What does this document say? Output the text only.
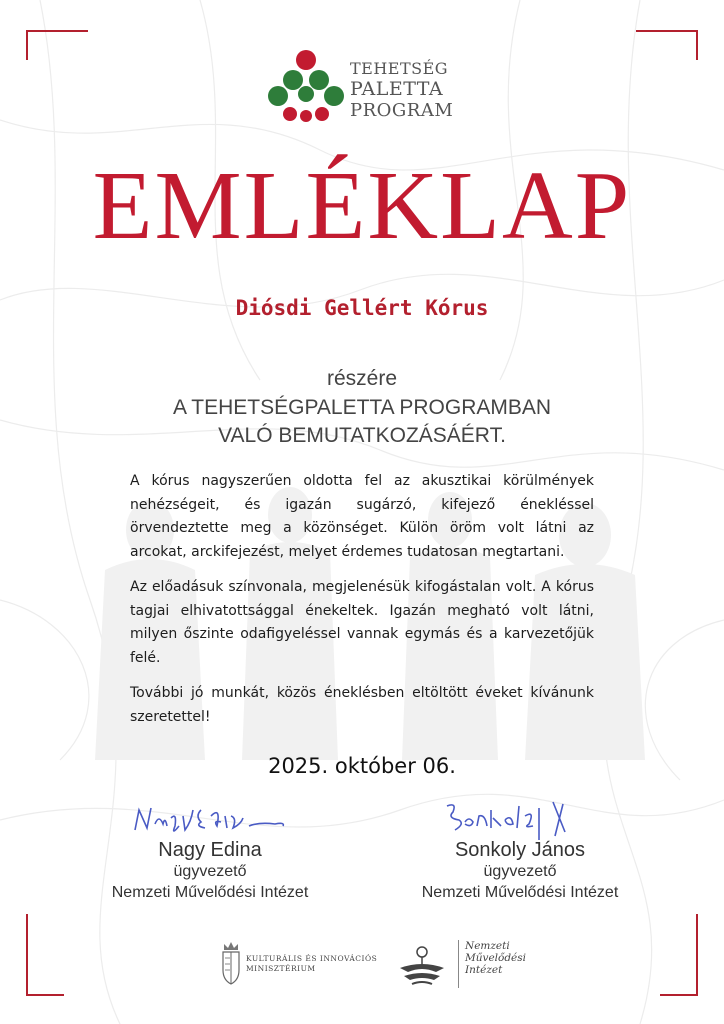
TEHETSÉG
PALETTA
PROGRAM
EMLÉKLAP
Diósdi Gellért Kórus
részére
A TEHETSÉGPALETTA PROGRAMBAN
VALÓ BEMUTATKOZÁSÁÉRT.

A kórus nagyszerűen oldotta fel az akusztikai körülmények nehézségeit, és igazán sugárzó, kifejező énekléssel örvendeztette meg a közönséget. Külön öröm volt látni az arcokat, arckifejezést, melyet érdemes tudatosan megtartani.

Az előadásuk színvonala, megjelenésük kifogástalan volt. A kórus tagjai elhivatottsággal énekeltek. Igazán megható volt látni, milyen őszinte odafigyeléssel vannak egymás és a karvezetőjük felé.

További jó munkát, közös éneklésben eltöltött éveket kívánunk szeretettel!

2025. október 06.
Nagy Edina
ügyvezető
Nemzeti Művelődési Intézet
Sonkoly János
ügyvezető
Nemzeti Művelődési Intézet
KULTURÁLIS ÉS INNOVÁCIÓS
MINISZTÉRIUM
Nemzeti
Művelődési
Intézet
